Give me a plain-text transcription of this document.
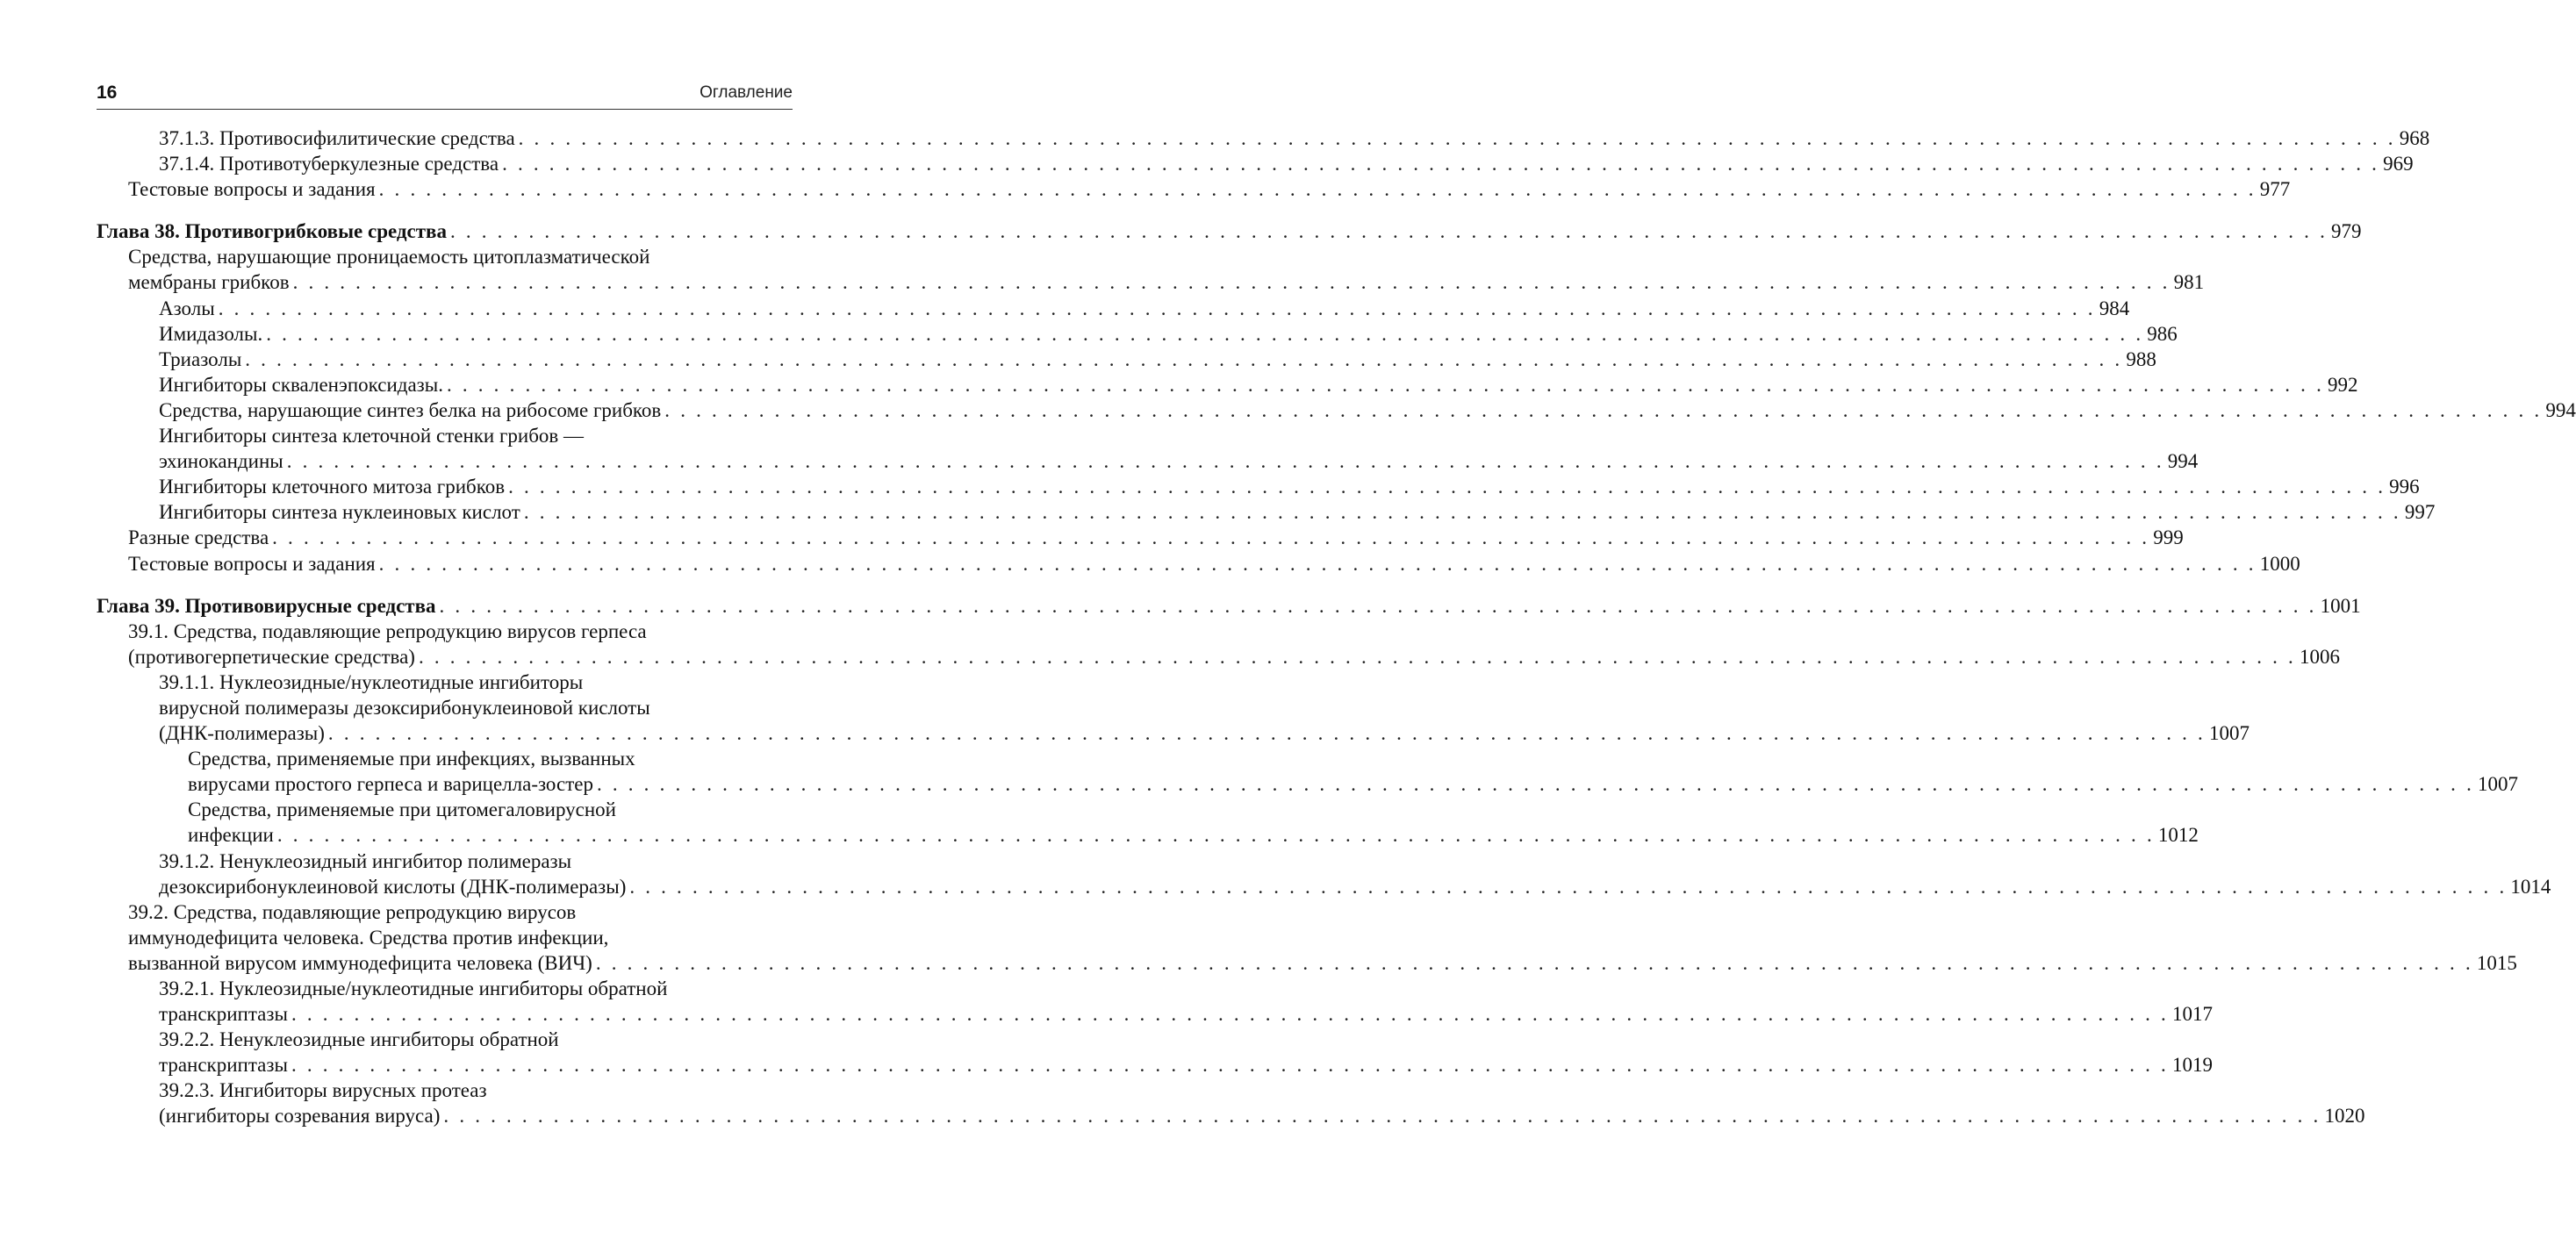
16	Оглавление
37.1.3. Противосифилитические средства . . . . . . . . . . . . . . . . . . . . . . . . . . . . . . . . . . . . . . . . . . . . . . . . . . . . . . . . . . . . . . . . . . . . . . . . . . . . . . . . . . . . . . . . . . . . . . . . . . . . . . . . . . . . . . . . . . . . . . . . 968
37.1.4. Противотуберкулезные средства . . . . . . . . . . . . . . . . . . . . . . . . . . . . . . . . . . . . . . . . . . . . . . . . . . . . . . . . . . . . . . . . . . . . . . . . . . . . . . . . . . . . . . . . . . . . . . . . . . . . . . . . . . . . . . . . . . . . . . . . 969
Тестовые вопросы и задания . . . . . . . . . . . . . . . . . . . . . . . . . . . . . . . . . . . . . . . . . . . . . . . . . . . . . . . . . . . . . . . . . . . . . . . . . . . . . . . . . . . . . . . . . . . . . . . . . . . . . . . . . . . . . . . . . . . . . . . . 977
Глава 38. Противогрибковые средства . . . . . . . . . . . . . . . . . . . . . . . . . . . . . . . . . . . . . . . . . . . . . . . . . . . . . . . . . . . . . . . . . . . . . . . . . . . . . . . . . . . . . . . . . . . . . . . . . . . . . . . . . . . . . . . . . . . . . . . . 979
Средства, нарушающие проницаемость цитоплазматической
мембраны грибков . . . . . . . . . . . . . . . . . . . . . . . . . . . . . . . . . . . . . . . . . . . . . . . . . . . . . . . . . . . . . . . . . . . . . . . . . . . . . . . . . . . . . . . . . . . . . . . . . . . . . . . . . . . . . . . . . . . . . . . . 981
Азолы . . . . . . . . . . . . . . . . . . . . . . . . . . . . . . . . . . . . . . . . . . . . . . . . . . . . . . . . . . . . . . . . . . . . . . . . . . . . . . . . . . . . . . . . . . . . . . . . . . . . . . . . . . . . . . . . . . . . . . . . 984
Имидазолы. . . . . . . . . . . . . . . . . . . . . . . . . . . . . . . . . . . . . . . . . . . . . . . . . . . . . . . . . . . . . . . . . . . . . . . . . . . . . . . . . . . . . . . . . . . . . . . . . . . . . . . . . . . . . . . . . . . . . . . . . 986
Триазолы . . . . . . . . . . . . . . . . . . . . . . . . . . . . . . . . . . . . . . . . . . . . . . . . . . . . . . . . . . . . . . . . . . . . . . . . . . . . . . . . . . . . . . . . . . . . . . . . . . . . . . . . . . . . . . . . . . . . . . . . 988
Ингибиторы скваленэпоксидазы. . . . . . . . . . . . . . . . . . . . . . . . . . . . . . . . . . . . . . . . . . . . . . . . . . . . . . . . . . . . . . . . . . . . . . . . . . . . . . . . . . . . . . . . . . . . . . . . . . . . . . . . . . . . . . . . . . . . . . . . . 992
Средства, нарушающие синтез белка на рибосоме грибков . . . . . . . . . . . . . . . . . . . . . . . . . . . . . . . . . . . . . . . . . . . . . . . . . . . . . . . . . . . . . . . . . . . . . . . . . . . . . . . . . . . . . . . . . . . . . . . . . . . . . . . . . . . . . . . . . . . . . . . . 994
Ингибиторы синтеза клеточной стенки грибов —
эхинокандины . . . . . . . . . . . . . . . . . . . . . . . . . . . . . . . . . . . . . . . . . . . . . . . . . . . . . . . . . . . . . . . . . . . . . . . . . . . . . . . . . . . . . . . . . . . . . . . . . . . . . . . . . . . . . . . . . . . . . . . . 994
Ингибиторы клеточного митоза грибков . . . . . . . . . . . . . . . . . . . . . . . . . . . . . . . . . . . . . . . . . . . . . . . . . . . . . . . . . . . . . . . . . . . . . . . . . . . . . . . . . . . . . . . . . . . . . . . . . . . . . . . . . . . . . . . . . . . . . . . . 996
Ингибиторы синтеза нуклеиновых кислот . . . . . . . . . . . . . . . . . . . . . . . . . . . . . . . . . . . . . . . . . . . . . . . . . . . . . . . . . . . . . . . . . . . . . . . . . . . . . . . . . . . . . . . . . . . . . . . . . . . . . . . . . . . . . . . . . . . . . . . . 997
Разные средства . . . . . . . . . . . . . . . . . . . . . . . . . . . . . . . . . . . . . . . . . . . . . . . . . . . . . . . . . . . . . . . . . . . . . . . . . . . . . . . . . . . . . . . . . . . . . . . . . . . . . . . . . . . . . . . . . . . . . . . . 999
Тестовые вопросы и задания . . . . . . . . . . . . . . . . . . . . . . . . . . . . . . . . . . . . . . . . . . . . . . . . . . . . . . . . . . . . . . . . . . . . . . . . . . . . . . . . . . . . . . . . . . . . . . . . . . . . . . . . . . . . . . . . . . . . . . . . 1000
Глава 39. Противовирусные средства . . . . . . . . . . . . . . . . . . . . . . . . . . . . . . . . . . . . . . . . . . . . . . . . . . . . . . . . . . . . . . . . . . . . . . . . . . . . . . . . . . . . . . . . . . . . . . . . . . . . . . . . . . . . . . . . . . . . . . . . 1001
39.1. Средства, подавляющие репродукцию вирусов герпеса
(противогерпетические средства) . . . . . . . . . . . . . . . . . . . . . . . . . . . . . . . . . . . . . . . . . . . . . . . . . . . . . . . . . . . . . . . . . . . . . . . . . . . . . . . . . . . . . . . . . . . . . . . . . . . . . . . . . . . . . . . . . . . . . . . . 1006
39.1.1. Нуклеозидные/нуклеотидные ингибиторы
вирусной полимеразы дезоксирибонуклеиновой кислоты
(ДНК-полимеразы) . . . . . . . . . . . . . . . . . . . . . . . . . . . . . . . . . . . . . . . . . . . . . . . . . . . . . . . . . . . . . . . . . . . . . . . . . . . . . . . . . . . . . . . . . . . . . . . . . . . . . . . . . . . . . . . . . . . . . . . . 1007
Средства, применяемые при инфекциях, вызванных
вирусами простого герпеса и варицелла-зостер . . . . . . . . . . . . . . . . . . . . . . . . . . . . . . . . . . . . . . . . . . . . . . . . . . . . . . . . . . . . . . . . . . . . . . . . . . . . . . . . . . . . . . . . . . . . . . . . . . . . . . . . . . . . . . . . . . . . . . . . 1007
Средства, применяемые при цитомегаловирусной
инфекции . . . . . . . . . . . . . . . . . . . . . . . . . . . . . . . . . . . . . . . . . . . . . . . . . . . . . . . . . . . . . . . . . . . . . . . . . . . . . . . . . . . . . . . . . . . . . . . . . . . . . . . . . . . . . . . . . . . . . . . . 1012
39.1.2. Ненуклеозидный ингибитор полимеразы
дезоксирибонуклеиновой кислоты (ДНК-полимеразы) . . . . . . . . . . . . . . . . . . . . . . . . . . . . . . . . . . . . . . . . . . . . . . . . . . . . . . . . . . . . . . . . . . . . . . . . . . . . . . . . . . . . . . . . . . . . . . . . . . . . . . . . . . . . . . . . . . . . . . . . 1014
39.2. Средства, подавляющие репродукцию вирусов
иммунодефицита человека. Средства против инфекции,
вызванной вирусом иммунодефицита человека (ВИЧ) . . . . . . . . . . . . . . . . . . . . . . . . . . . . . . . . . . . . . . . . . . . . . . . . . . . . . . . . . . . . . . . . . . . . . . . . . . . . . . . . . . . . . . . . . . . . . . . . . . . . . . . . . . . . . . . . . . . . . . . . 1015
39.2.1. Нуклеозидные/нуклеотидные ингибиторы обратной
транскриптазы . . . . . . . . . . . . . . . . . . . . . . . . . . . . . . . . . . . . . . . . . . . . . . . . . . . . . . . . . . . . . . . . . . . . . . . . . . . . . . . . . . . . . . . . . . . . . . . . . . . . . . . . . . . . . . . . . . . . . . . . 1017
39.2.2. Ненуклеозидные ингибиторы обратной
транскриптазы . . . . . . . . . . . . . . . . . . . . . . . . . . . . . . . . . . . . . . . . . . . . . . . . . . . . . . . . . . . . . . . . . . . . . . . . . . . . . . . . . . . . . . . . . . . . . . . . . . . . . . . . . . . . . . . . . . . . . . . . 1019
39.2.3. Ингибиторы вирусных протеаз
(ингибиторы созревания вируса) . . . . . . . . . . . . . . . . . . . . . . . . . . . . . . . . . . . . . . . . . . . . . . . . . . . . . . . . . . . . . . . . . . . . . . . . . . . . . . . . . . . . . . . . . . . . . . . . . . . . . . . . . . . . . . . . . . . . . . . . 1020
